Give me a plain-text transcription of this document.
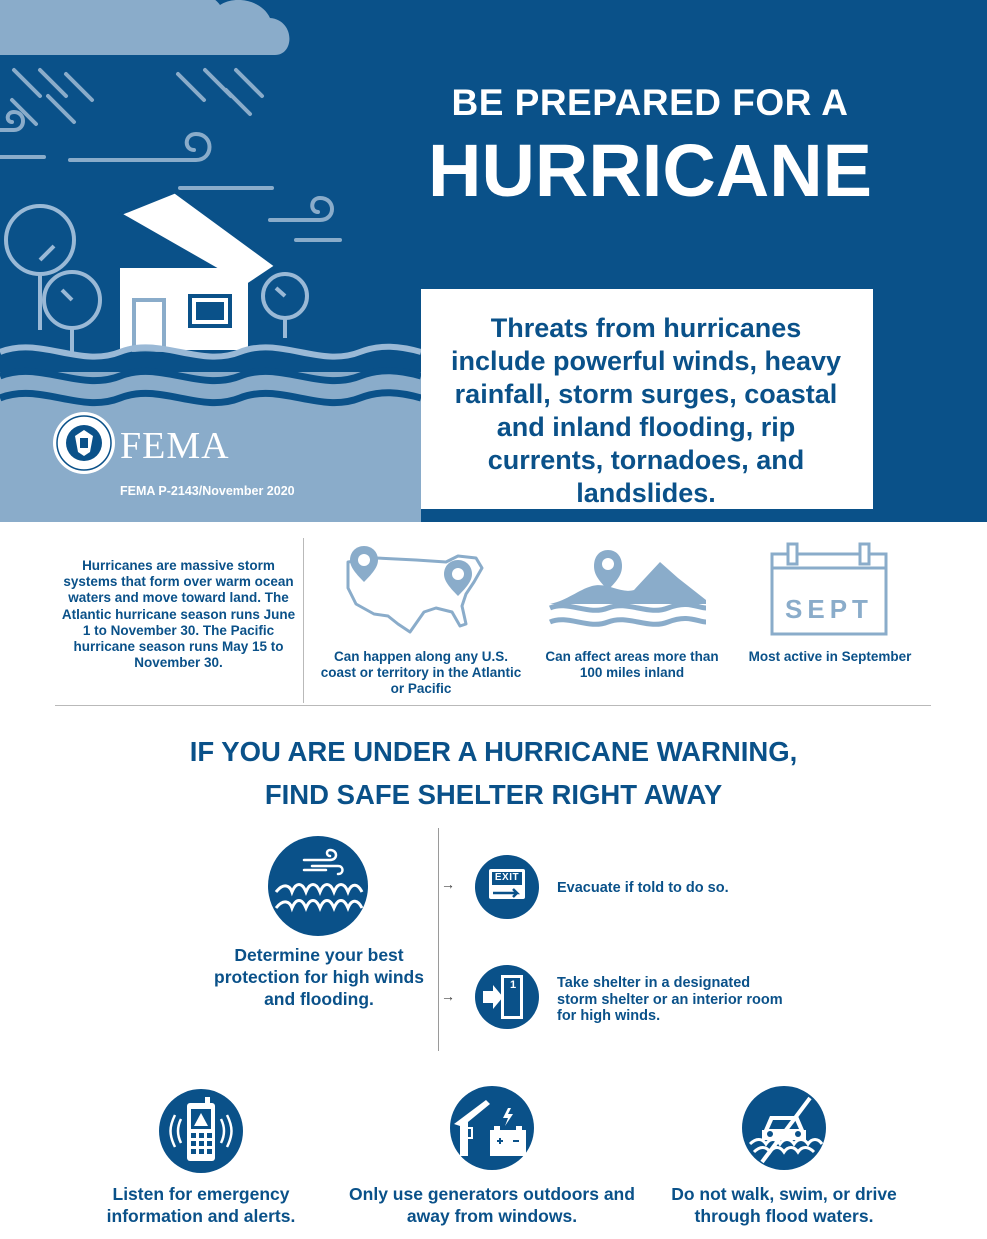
BE PREPARED FOR A
HURRICANE
Threats from hurricanes include powerful winds, heavy rainfall, storm surges, coastal and inland flooding, rip currents, tornadoes, and landslides.
FEMA
FEMA P-2143/November 2020
Hurricanes are massive storm systems that form over warm ocean waters and move toward land. The Atlantic hurricane season runs June 1 to November 30. The Pacific hurricane season runs May 15 to November 30.	Can happen along any U.S. coast or territory in the Atlantic or Pacific
Can affect areas more than 100 miles inland
SEPT
Most active in September
IF YOU ARE UNDER A HURRICANE WARNING,
FIND SAFE SHELTER RIGHT AWAY
Determine your best protection for high winds and flooding.
→	EXIT
Evacuate if told to do so.
→
1	Take shelter in a designated storm shelter or an interior room for high winds.
Listen for emergency information and alerts.
Only use generators outdoors and away from windows.
Do not walk, swim, or drive through flood waters.
